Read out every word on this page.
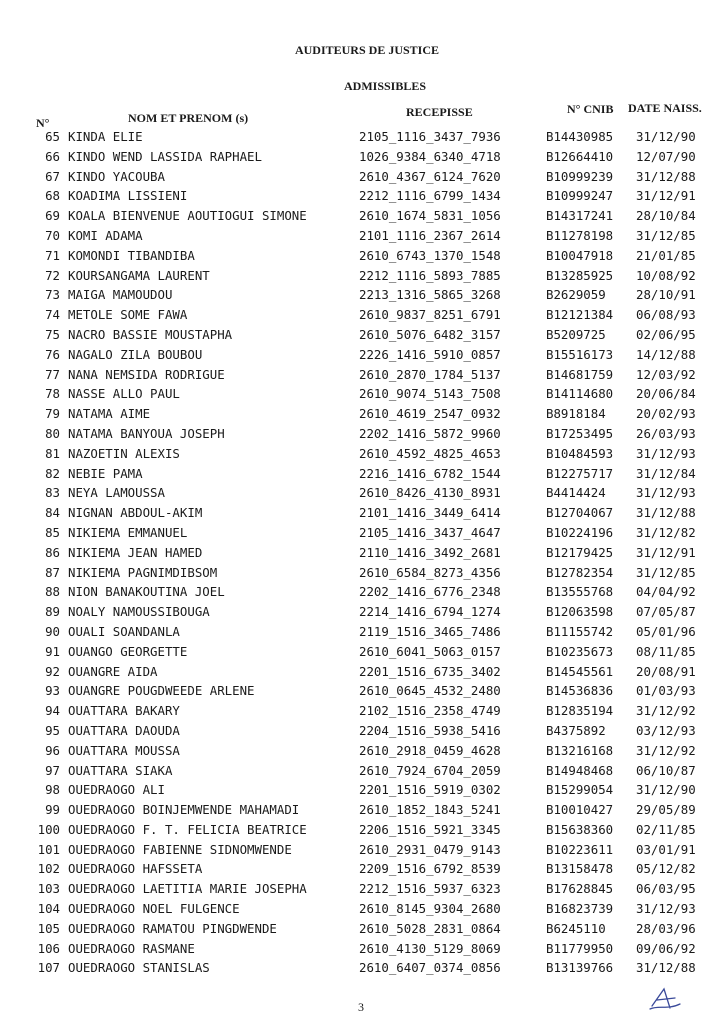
AUDITEURS DE JUSTICE
ADMISSIBLES
N°	NOM ET PRENOM (s)	RECEPISSE	N° CNIB DATE NAISS.
65 KINDA ELIE	2105_1116_3437_7936	B14430985 31/12/90
66 KINDO WEND LASSIDA RAPHAEL	1026_9384_6340_4718	B12664410 12/07/90
67 KINDO YACOUBA	2610_4367_6124_7620	B10999239 31/12/88
68 KOADIMA LISSIENI	2212_1116_6799_1434	B10999247 31/12/91
69 KOALA BIENVENUE AOUTIOGUI SIMONE	2610_1674_5831_1056	B14317241 28/10/84
70 KOMI ADAMA	2101_1116_2367_2614	B11278198 31/12/85
71 KOMONDI TIBANDIBA	2610_6743_1370_1548	B10047918 21/01/85
72 KOURSANGAMA LAURENT	2212_1116_5893_7885	B13285925 10/08/92
73 MAIGA MAMOUDOU	2213_1316_5865_3268	B2629059 28/10/91
74 METOLE SOME FAWA	2610_9837_8251_6791	B12121384 06/08/93
75 NACRO BASSIE MOUSTAPHA	2610_5076_6482_3157	B5209725 02/06/95
76 NAGALO ZILA BOUBOU	2226_1416_5910_0857	B15516173 14/12/88
77 NANA NEMSIDA RODRIGUE	2610_2870_1784_5137	B14681759 12/03/92
78 NASSE ALLO PAUL	2610_9074_5143_7508	B14114680 20/06/84
79 NATAMA AIME	2610_4619_2547_0932	B8918184 20/02/93
80 NATAMA BANYOUA JOSEPH	2202_1416_5872_9960	B17253495 26/03/93
81 NAZOETIN ALEXIS	2610_4592_4825_4653	B10484593 31/12/93
82 NEBIE PAMA	2216_1416_6782_1544	B12275717 31/12/84
83 NEYA LAMOUSSA	2610_8426_4130_8931	B4414424 31/12/93
84 NIGNAN ABDOUL-AKIM	2101_1416_3449_6414	B12704067 31/12/88
85 NIKIEMA EMMANUEL	2105_1416_3437_4647	B10224196 31/12/82
86 NIKIEMA JEAN HAMED	2110_1416_3492_2681	B12179425 31/12/91
87 NIKIEMA PAGNIMDIBSOM	2610_6584_8273_4356	B12782354 31/12/85
88 NION BANAKOUTINA JOEL	2202_1416_6776_2348	B13555768 04/04/92
89 NOALY NAMOUSSIBOUGA	2214_1416_6794_1274	B12063598 07/05/87
90 OUALI SOANDANLA	2119_1516_3465_7486	B11155742 05/01/96
91 OUANGO GEORGETTE	2610_6041_5063_0157	B10235673 08/11/85
92 OUANGRE AIDA	2201_1516_6735_3402	B14545561 20/08/91
93 OUANGRE POUGDWEEDE ARLENE	2610_0645_4532_2480	B14536836 01/03/93
94 OUATTARA BAKARY	2102_1516_2358_4749	B12835194 31/12/92
95 OUATTARA DAOUDA	2204_1516_5938_5416	B4375892 03/12/93
96 OUATTARA MOUSSA	2610_2918_0459_4628	B13216168 31/12/92
97 OUATTARA SIAKA	2610_7924_6704_2059	B14948468 06/10/87
98 OUEDRAOGO ALI	2201_1516_5919_0302	B15299054 31/12/90
99 OUEDRAOGO BOINJEMWENDE MAHAMADI	2610_1852_1843_5241	B10010427 29/05/89
100 OUEDRAOGO F. T. FELICIA BEATRICE	2206_1516_5921_3345	B15638360 02/11/85
101 OUEDRAOGO FABIENNE SIDNOMWENDE	2610_2931_0479_9143	B10223611 03/01/91
102 OUEDRAOGO HAFSSETA	2209_1516_6792_8539	B13158478 05/12/82
103 OUEDRAOGO LAETITIA MARIE JOSEPHA	2212_1516_5937_6323	B17628845 06/03/95
104 OUEDRAOGO NOEL FULGENCE	2610_8145_9304_2680	B16823739 31/12/93
105 OUEDRAOGO RAMATOU PINGDWENDE	2610_5028_2831_0864	B6245110 28/03/96
106 OUEDRAOGO RASMANE	2610_4130_5129_8069	B11779950 09/06/92
107 OUEDRAOGO STANISLAS	2610_6407_0374_0856	B13139766 31/12/88
3
